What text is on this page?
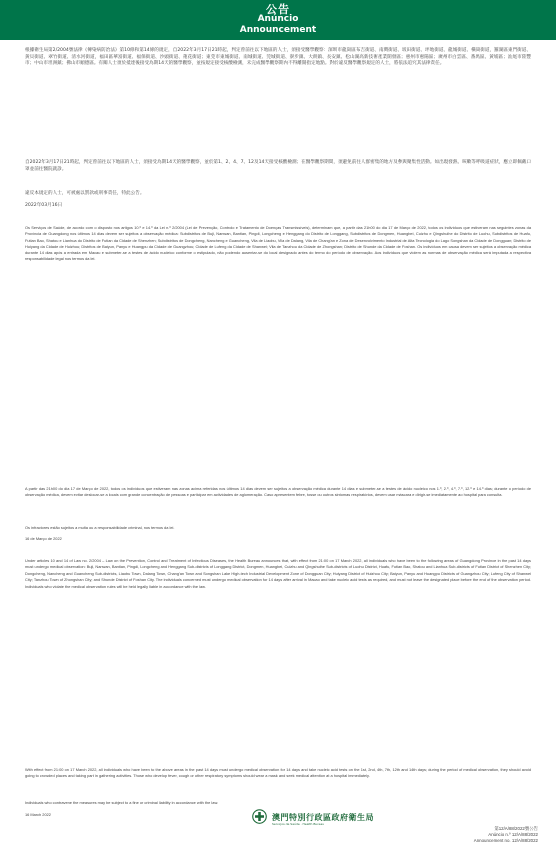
公告
Anúncio
Announcement

根據衛生局第2/2004號法律《傳染病防治法》第10條和第14條的規定，自2022年3月17日21時起，判定曾前往以下地區的人士，須接受醫學觀察：深圳市龍崗區布吉街道、南灣街道、坂田街道、坪地街道、龍城街道、橫崗街道，羅湖區東門街道、黃貝街道、翠竹街道、清水河街道，福田區華富街道、福保街道、沙頭街道、蓮花街道；東莞市東城街道、南城街道、莞城街道、寮步鎮、大朗鎮、長安鎮、松山湖高新技術產業開發區；惠州市惠陽區；廣州市白雲區、番禺區、黃埔區；汕尾市陸豐市；中山市坦洲鎮；佛山市順德區。有關人士須於抵達後接受為期14天的醫學觀察，並按規定接受核酸檢測，未完成醫學觀察期內不得離開指定地點。對於違反醫學觀察規定的人士，將依法追究其法律責任。

自2022年3月17日21時起，判定曾前往以下地區的人士，須接受為期14天的醫學觀察，並於第1、2、4、7、12及14天接受核酸檢測；在醫學觀察期間，須避免前往人群密集的地方及參與聚集性活動。如出現發熱、咳嗽等呼吸道症狀，應立即佩戴口罩並前往醫院就診。

違反本規定的人士，可被處以罰款或刑事責任，特此公告。

2022年03月16日

Os Serviços de Saúde, de acordo com o disposto nos artigos 10.º e 14.º da Lei n.º 2/2004 (Lei de Prevenção, Controlo e Tratamento de Doenças Transmissíveis), determinam que, a partir das 21h00 do dia 17 de Março de 2022, todos os indivíduos que estiveram nas seguintes zonas da Província de Guangdong nos últimos 14 dias devem ser sujeitos a observação médica: Subdistritos de Buji, Nanwan, Bantian, Pingdi, Longcheng e Henggang do Distrito de Longgang, Subdistritos de Dongmen, Huangbei, Cuizhu e Qingshuihe do Distrito de Luohu, Subdistritos de Huafu, Futian Bao, Shatou e Lianhua do Distrito de Futian da Cidade de Shenzhen; Subdistritos de Dongcheng, Nancheng e Guancheng, Vila de Liaobu, Vila de Dalang, Vila de Chang'an e Zona de Desenvolvimento Industrial de Alta Tecnologia do Lago Songshan da Cidade de Dongguan; Distrito de Huiyang da Cidade de Huizhou; Distritos de Baiyun, Panyu e Huangpu da Cidade de Guangzhou; Cidade de Lufeng da Cidade de Shanwei; Vila de Tanzhou da Cidade de Zhongshan; Distrito de Shunde da Cidade de Foshan. Os indivíduos em causa devem ser sujeitos a observação médica durante 14 dias após a entrada em Macau e submeter-se a testes de ácido nucleico conforme o estipulado, não podendo ausentar-se do local designado antes do termo do período de observação. Aos indivíduos que violem as normas de observação médica será imputada a respectiva responsabilidade legal nos termos da lei.

A partir das 21h00 do dia 17 de Março de 2022, todos os indivíduos que estiveram nas zonas acima referidas nos últimos 14 dias devem ser sujeitos a observação médica durante 14 dias e submeter-se a testes de ácido nucleico nos 1.º, 2.º, 4.º, 7.º, 12.º e 14.º dias; durante o período de observação médica, devem evitar deslocar-se a locais com grande concentração de pessoas e participar em actividades de aglomeração. Caso apresentem febre, tosse ou outros sintomas respiratórios, devem usar máscara e dirigir-se imediatamente ao hospital para consulta.

Os infractores estão sujeitos a multa ou a responsabilidade criminal, nos termos da lei.

16 de Março de 2022

Under articles 10 and 14 of Law no. 2/2004 – Law on the Prevention, Control and Treatment of Infectious Diseases, the Health Bureau announces that, with effect from 21:00 on 17 March 2022, all individuals who have been to the following areas of Guangdong Province in the past 14 days must undergo medical observation: Buji, Nanwan, Bantian, Pingdi, Longcheng and Henggang Sub-districts of Longgang District, Dongmen, Huangbei, Cuizhu and Qingshuihe Sub-districts of Luohu District, Huafu, Futian Bao, Shatou and Lianhua Sub-districts of Futian District of Shenzhen City; Dongcheng, Nancheng and Guancheng Sub-districts, Liaobu Town, Dalang Town, Chang'an Town and Songshan Lake High-tech Industrial Development Zone of Dongguan City; Huiyang District of Huizhou City; Baiyun, Panyu and Huangpu Districts of Guangzhou City; Lufeng City of Shanwei City; Tanzhou Town of Zhongshan City; and Shunde District of Foshan City. The individuals concerned must undergo medical observation for 14 days after arrival in Macao and take nucleic acid tests as required, and must not leave the designated place before the end of the observation period. Individuals who violate the medical observation rules will be held legally liable in accordance with the law.

With effect from 21:00 on 17 March 2022, all individuals who have been to the above areas in the past 14 days must undergo medical observation for 14 days and take nucleic acid tests on the 1st, 2nd, 4th, 7th, 12th and 14th days; during the period of medical observation, they should avoid going to crowded places and taking part in gathering activities. Those who develop fever, cough or other respiratory symptoms should wear a mask and seek medical attention at a hospital immediately.

Individuals who contravene the measures may be subject to a fine or criminal liability in accordance with the law.

16 March 2022	澳門特別行政區政府衛生局
Serviços de Saúde · Health Bureau
第12/A/88/2022號公告
Anúncio n.º 12/A/88/2022
Announcement no. 12/A/88/2022
